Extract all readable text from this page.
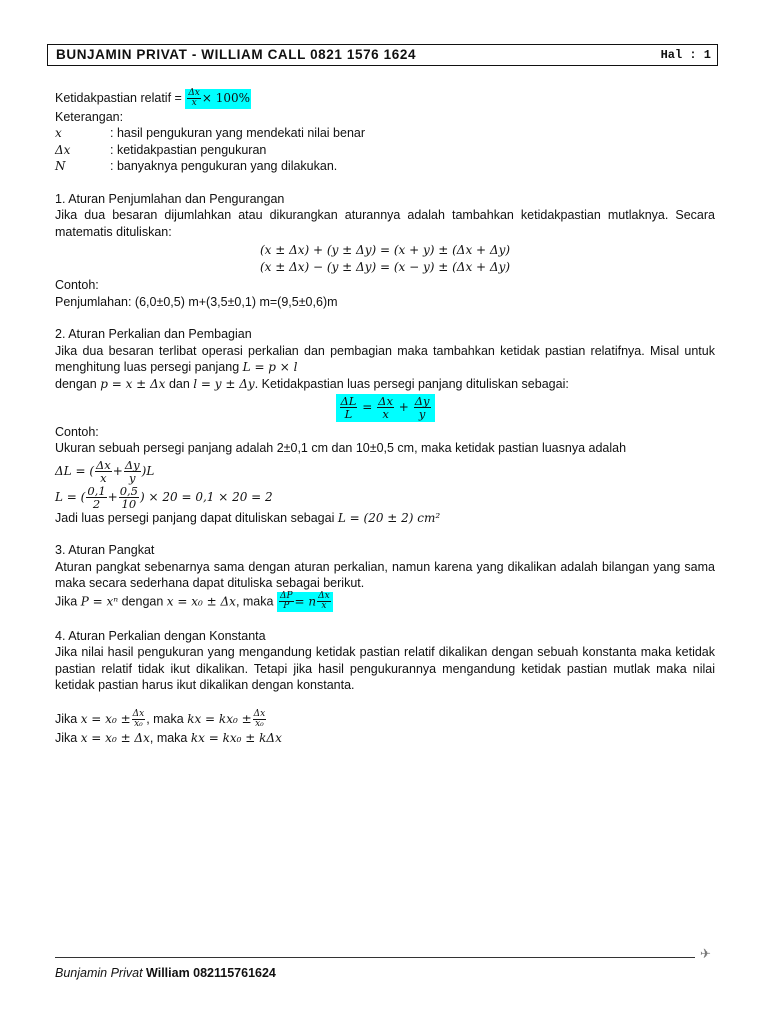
BUNJAMIN PRIVAT - WILLIAM CALL 0821 1576 1624	Hal : 1
Ketidakpastian relatif = $\frac{\Delta x}{x} \times 100\%$
Keterangan:
x	: hasil pengukuran yang mendekati nilai benar
Δx	: ketidakpastian pengukuran
N	: banyaknya pengukuran yang dilakukan.
1. Aturan Penjumlahan dan Pengurangan
Jika dua besaran dijumlahkan atau dikurangkan aturannya adalah tambahkan ketidakpastian mutlaknya. Secara matematis dituliskan:
(x ± Δx) + (y ± Δy) = (x + y) ± (Δx + Δy)
(x ± Δx) − (y ± Δy) = (x − y) ± (Δx + Δy)
Contoh:
Penjumlahan: (6,0±0,5) m+(3,5±0,1) m=(9,5±0,6)m
2. Aturan Perkalian dan Pembagian
Jika dua besaran terlibat operasi perkalian dan pembagian maka tambahkan ketidak pastian relatifnya. Misal untuk menghitung luas persegi panjang L = p × l
dengan p = x ± Δx dan l = y ± Δy. Ketidakpastian luas persegi panjang dituliskan sebagai:
$\frac{\Delta L}{L} = \frac{\Delta x}{x} + \frac{\Delta y}{y}$
Contoh:
Ukuran sebuah persegi panjang adalah 2±0,1 cm dan 10±0,5 cm, maka ketidak pastian luasnya adalah
ΔL = ( $\frac{\Delta x}{x} + \frac{\Delta y}{y} )L$
L = ( $\frac{0,1}{2} + \frac{0,5}{10}$ ) × 20 = 0,1 × 20 = 2
Jadi luas persegi panjang dapat dituliskan sebagai L = (20 ± 2) cm²
3. Aturan Pangkat
Aturan pangkat sebenarnya sama dengan aturan perkalian, namun karena yang dikalikan adalah bilangan yang sama maka secara sederhana dapat dituliska sebagai berikut.
Jika P = xⁿ dengan x = x₀ ± Δx, maka $\frac{\Delta P}{P} = n \frac{\Delta x}{x}$
4. Aturan Perkalian dengan Konstanta
Jika nilai hasil pengukuran yang mengandung ketidak pastian relatif dikalikan dengan sebuah konstanta maka ketidak pastian relatif tidak ikut dikalikan. Tetapi jika hasil pengukurannya mengandung ketidak pastian mutlak maka nilai ketidak pastian harus ikut dikalikan dengan konstanta.
Jika $x = x_0 \pm \frac{\Delta x}{\text{x₀}}$ , maka kx = $kx_0 \pm \frac{\Delta x}{\text{x₀}}$
Jika x = x₀ ± Δx, maka kx = kx₀ ± kΔx
✈
Bunjamin Privat William 082115761624
